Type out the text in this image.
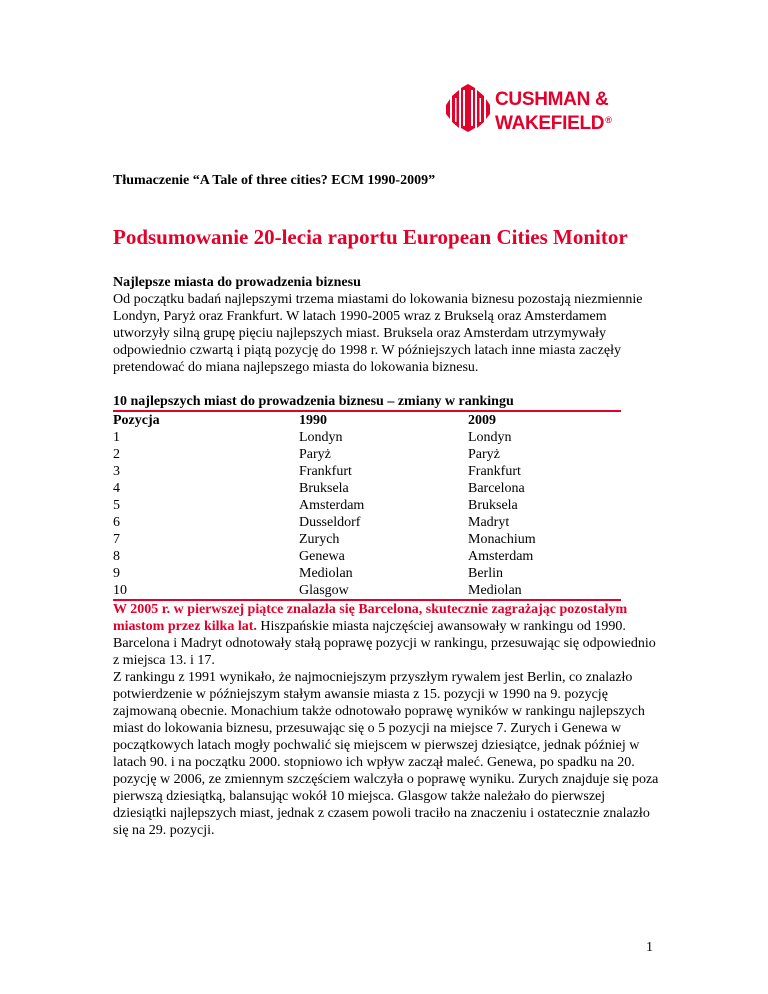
CUSHMAN &
WAKEFIELD®

Tłumaczenie “A Tale of three cities? ECM 1990-2009”

Podsumowanie 20-lecia raportu European Cities Monitor
Najlepsze miasta do prowadzenia biznesu

Od początku badań najlepszymi trzema miastami do lokowania biznesu pozostają niezmiennie Londyn, Paryż oraz Frankfurt. W latach 1990-2005 wraz z Brukselą oraz Amsterdamem utworzyły silną grupę pięciu najlepszych miast. Bruksela oraz Amsterdam utrzymywały odpowiednio czwartą i piątą pozycję do 1998 r. W późniejszych latach inne miasta zaczęły pretendować do miana najlepszego miasta do lokowania biznesu.

10 najlepszych miast do prowadzenia biznesu – zmiany w rankingu
Pozycja	1990	2009
1	Londyn	Londyn
2	Paryż	Paryż
3	Frankfurt	Frankfurt
4	Bruksela	Barcelona
5	Amsterdam	Bruksela
6	Dusseldorf	Madryt
7	Zurych	Monachium
8	Genewa	Amsterdam
9	Mediolan	Berlin
10	Glasgow	Mediolan

W 2005 r. w pierwszej piątce znalazła się Barcelona, skutecznie zagrażając pozostałym miastom przez kilka lat. Hiszpańskie miasta najczęściej awansowały w rankingu od 1990. Barcelona i Madryt odnotowały stałą poprawę pozycji w rankingu, przesuwając się odpowiednio z miejsca 13. i 17.

Z rankingu z 1991 wynikało, że najmocniejszym przyszłym rywalem jest Berlin, co znalazło potwierdzenie w późniejszym stałym awansie miasta z 15. pozycji w 1990 na 9. pozycję zajmowaną obecnie. Monachium także odnotowało poprawę wyników w rankingu najlepszych miast do lokowania biznesu, przesuwając się o 5 pozycji na miejsce 7. Zurych i Genewa w początkowych latach mogły pochwalić się miejscem w pierwszej dziesiątce, jednak później w latach 90. i na początku 2000. stopniowo ich wpływ zaczął maleć. Genewa, po spadku na 20. pozycję w 2006, ze zmiennym szczęściem walczyła o poprawę wyniku. Zurych znajduje się poza pierwszą dziesiątką, balansując wokół 10 miejsca. Glasgow także należało do pierwszej dziesiątki najlepszych miast, jednak z czasem powoli traciło na znaczeniu i ostatecznie znalazło się na 29. pozycji.

1
